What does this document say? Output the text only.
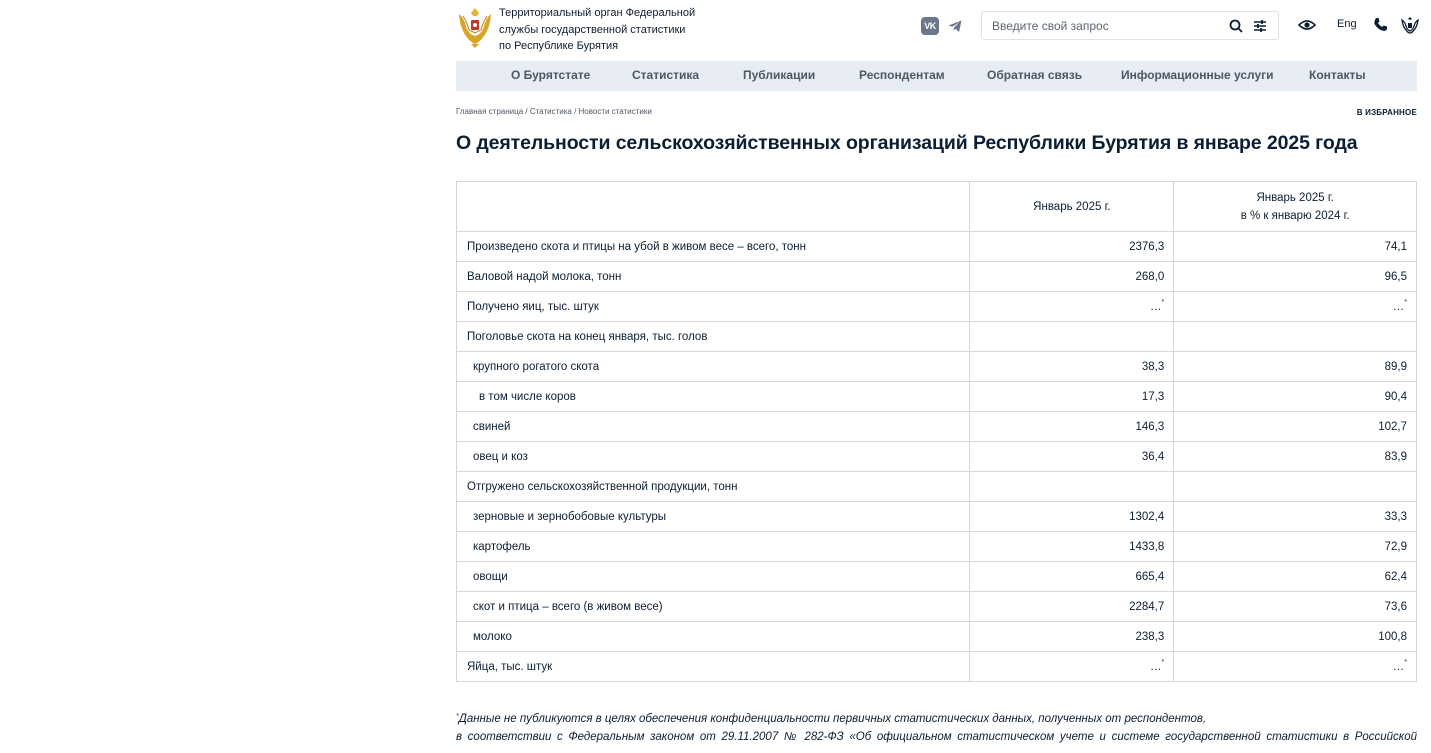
Территориальный орган Федеральной
службы государственной статистики
по Республике Бурятия
VK
Введите свой запрос	Eng
О Бурятстате	Статистика	Публикации	Респондентам	Обратная связь	Информационные услуги	Контакты
Главная страница / Статистика / Новости статистики	В ИЗБРАННОЕ
О деятельности сельскохозяйственных организаций Республики Бурятия в январе 2025 года
	Январь 2025 г.	Январь 2025 г.
в % к январю 2024 г.

Произведено скота и птицы на убой в живом весе – всего, тонн	2376,3	74,1
Валовой надой молока, тонн	268,0	96,5
Получено яиц, тыс. штук	…*	…*
Поголовье скота на конец января, тыс. голов		
крупного рогатого скота	38,3	89,9
в том числе коров	17,3	90,4
свиней	146,3	102,7
овец и коз	36,4	83,9
Отгружено сельскохозяйственной продукции, тонн		
зерновые и зернобобовые культуры	1302,4	33,3
картофель	1433,8	72,9
овощи	665,4	62,4
скот и птица – всего (в живом весе)	2284,7	73,6
молоко	238,3	100,8
Яйца, тыс. штук	…*	…*

*Данные не публикуются в целях обеспечения конфиденциальности первичных статистических данных, полученных от респондентов,

в соответствии с Федеральным законом от 29.11.2007 № 282-ФЗ «Об официальном статистическом учете и системе государственной статистики в Российской
